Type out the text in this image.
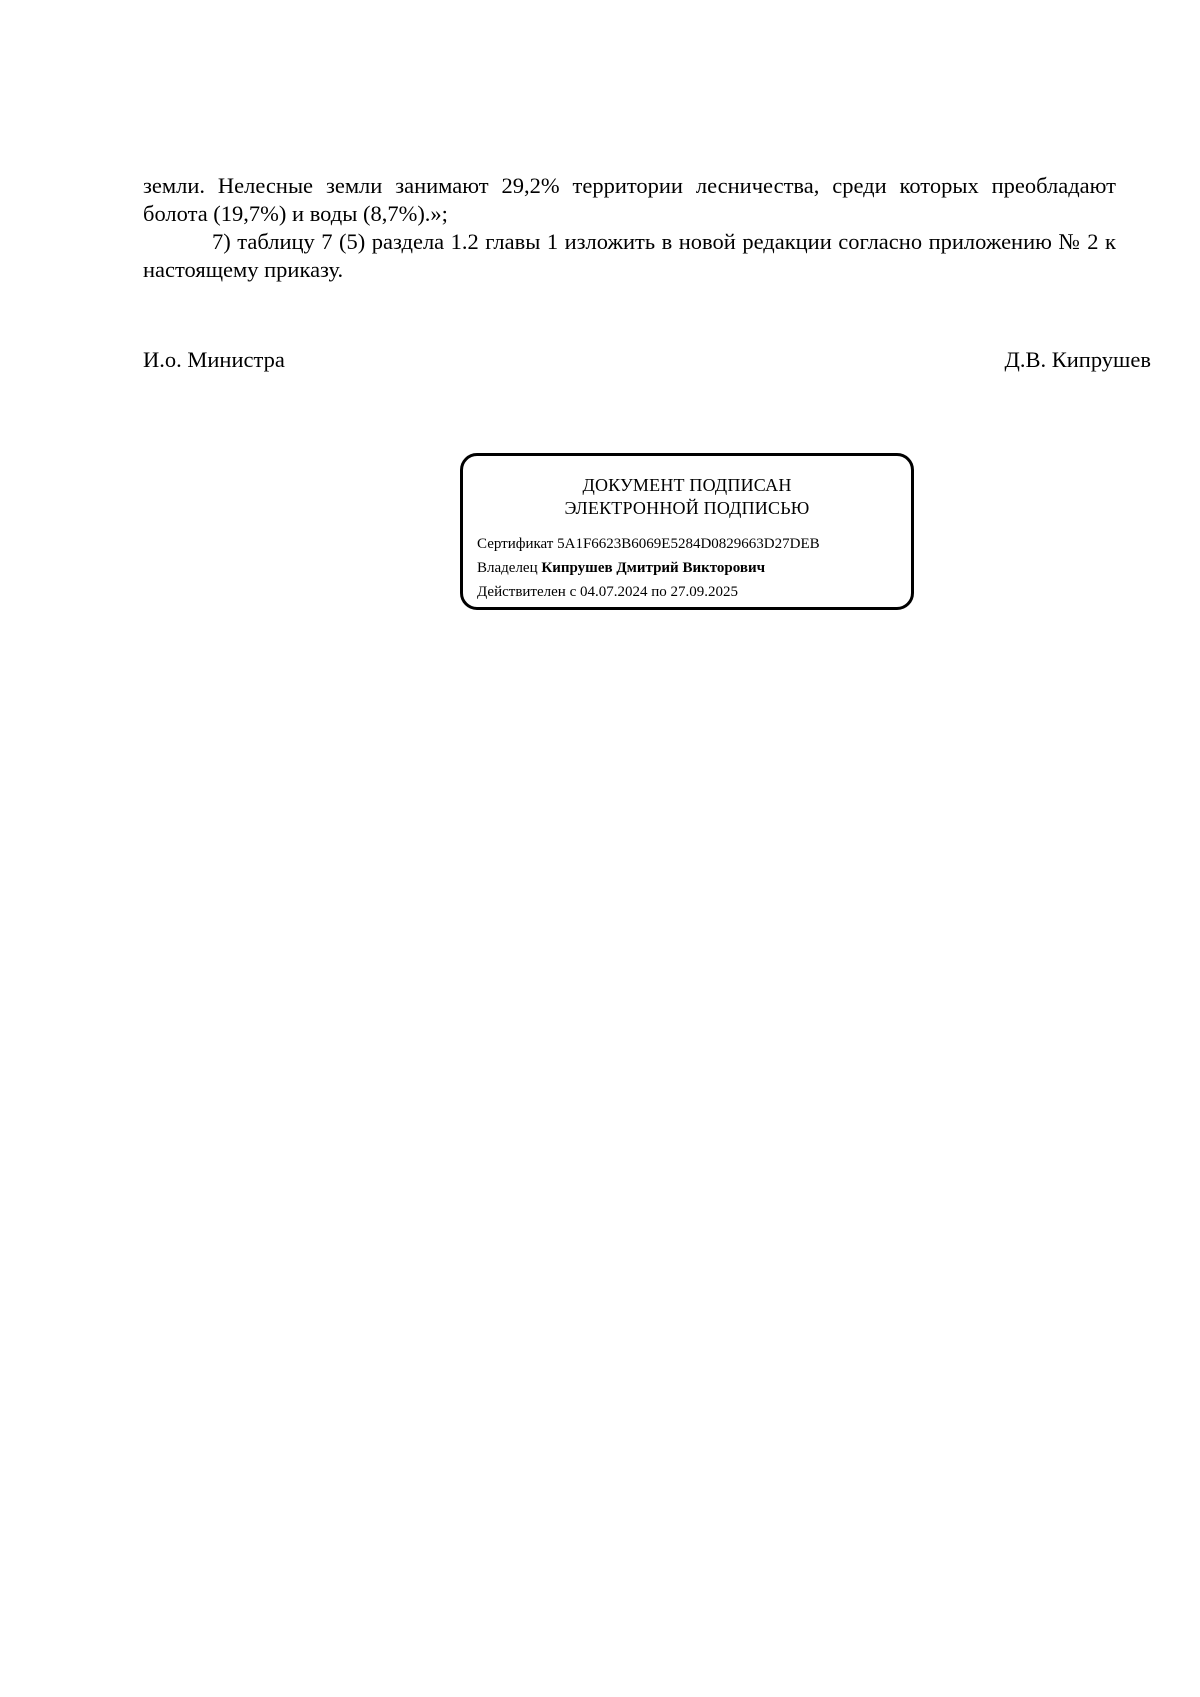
земли. Нелесные земли занимают 29,2% территории лесничества, среди которых преобладают болота (19,7%) и воды (8,7%).»;

7) таблицу 7 (5) раздела 1.2 главы 1 изложить в новой редакции согласно приложению № 2 к настоящему приказу.

И.о. Министра	Д.В. Кипрушев
ДОКУМЕНТ ПОДПИСАН
ЭЛЕКТРОННОЙ ПОДПИСЬЮ
Сертификат 5A1F6623B6069E5284D0829663D27DEB
Владелец Кипрушев Дмитрий Викторович
Действителен с 04.07.2024 по 27.09.2025
